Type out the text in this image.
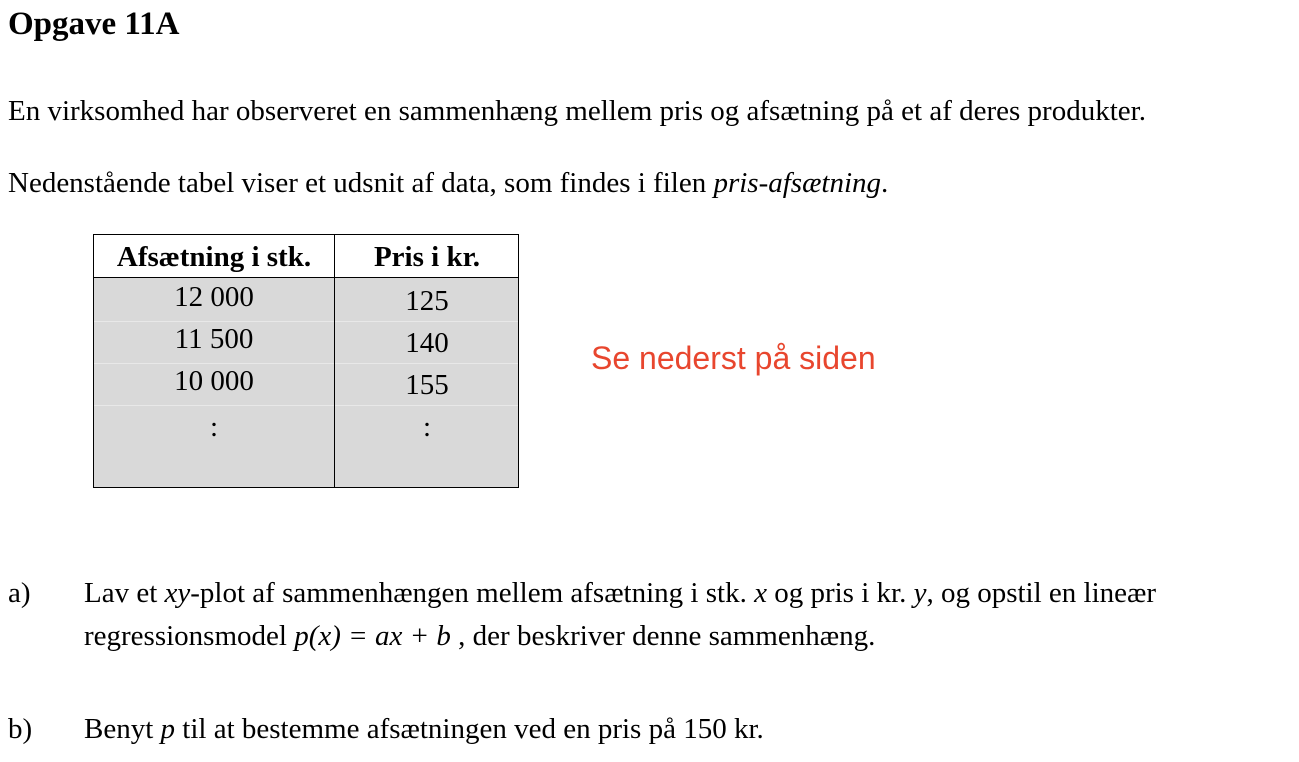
Opgave 11A

En virksomhed har observeret en sammenhæng mellem pris og afsætning på et af deres produkter.

Nedenstående tabel viser et udsnit af data, som findes i filen pris-afsætning.

Afsætning i stk.	Pris i kr.
12 000	125
11 500	140
10 000	155
:	:
Se nederst på siden
a) Lav et xy-plot af sammenhængen mellem afsætning i stk. x og pris i kr. y, og opstil en lineær
regressionsmodel p(x) = ax + b , der beskriver denne sammenhæng.
b) Benyt p til at bestemme afsætningen ved en pris på 150 kr.
